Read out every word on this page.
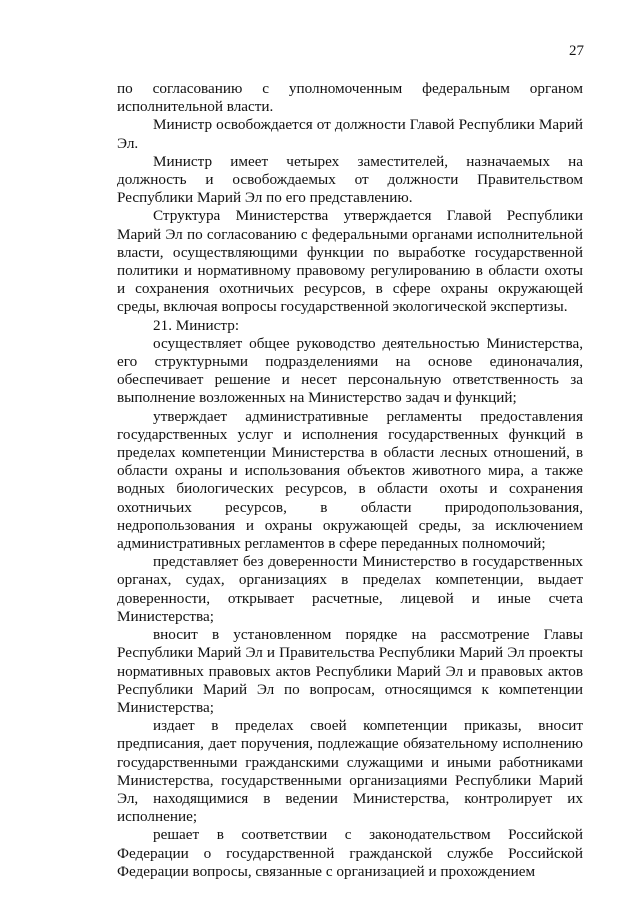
27

по согласованию с уполномоченным федеральным органом исполнительной власти.

Министр освобождается от должности Главой Республики Марий Эл.

Министр имеет четырех заместителей, назначаемых на должность и освобождаемых от должности Правительством Республики Марий Эл по его представлению.

Структура Министерства утверждается Главой Республики Марий Эл по согласованию с федеральными органами исполнительной власти, осуществляющими функции по выработке государственной политики и нормативному правовому регулированию в области охоты и сохранения охотничьих ресурсов, в сфере охраны окружающей среды, включая вопросы государственной экологической экспертизы.

21. Министр:

осуществляет общее руководство деятельностью Министерства, его структурными подразделениями на основе единоначалия, обеспечивает решение и несет персональную ответственность за выполнение возложенных на Министерство задач и функций;

утверждает административные регламенты предоставления государственных услуг и исполнения государственных функций в пределах компетенции Министерства в области лесных отношений, в области охраны и использования объектов животного мира, а также водных биологических ресурсов, в области охоты и сохранения охотничьих ресурсов, в области природопользования, недропользования и охраны окружающей среды, за исключением административных регламентов в сфере переданных полномочий;

представляет без доверенности Министерство в государственных органах, судах, организациях в пределах компетенции, выдает доверенности, открывает расчетные, лицевой и иные счета Министерства;

вносит в установленном порядке на рассмотрение Главы Республики Марий Эл и Правительства Республики Марий Эл проекты нормативных правовых актов Республики Марий Эл и правовых актов Республики Марий Эл по вопросам, относящимся к компетенции Министерства;

издает в пределах своей компетенции приказы, вносит предписания, дает поручения, подлежащие обязательному исполнению государственными гражданскими служащими и иными работниками Министерства, государственными организациями Республики Марий Эл, находящимися в ведении Министерства, контролирует их исполнение;

решает в соответствии с законодательством Российской Федерации о государственной гражданской службе Российской Федерации вопросы, связанные с организацией и прохождением
